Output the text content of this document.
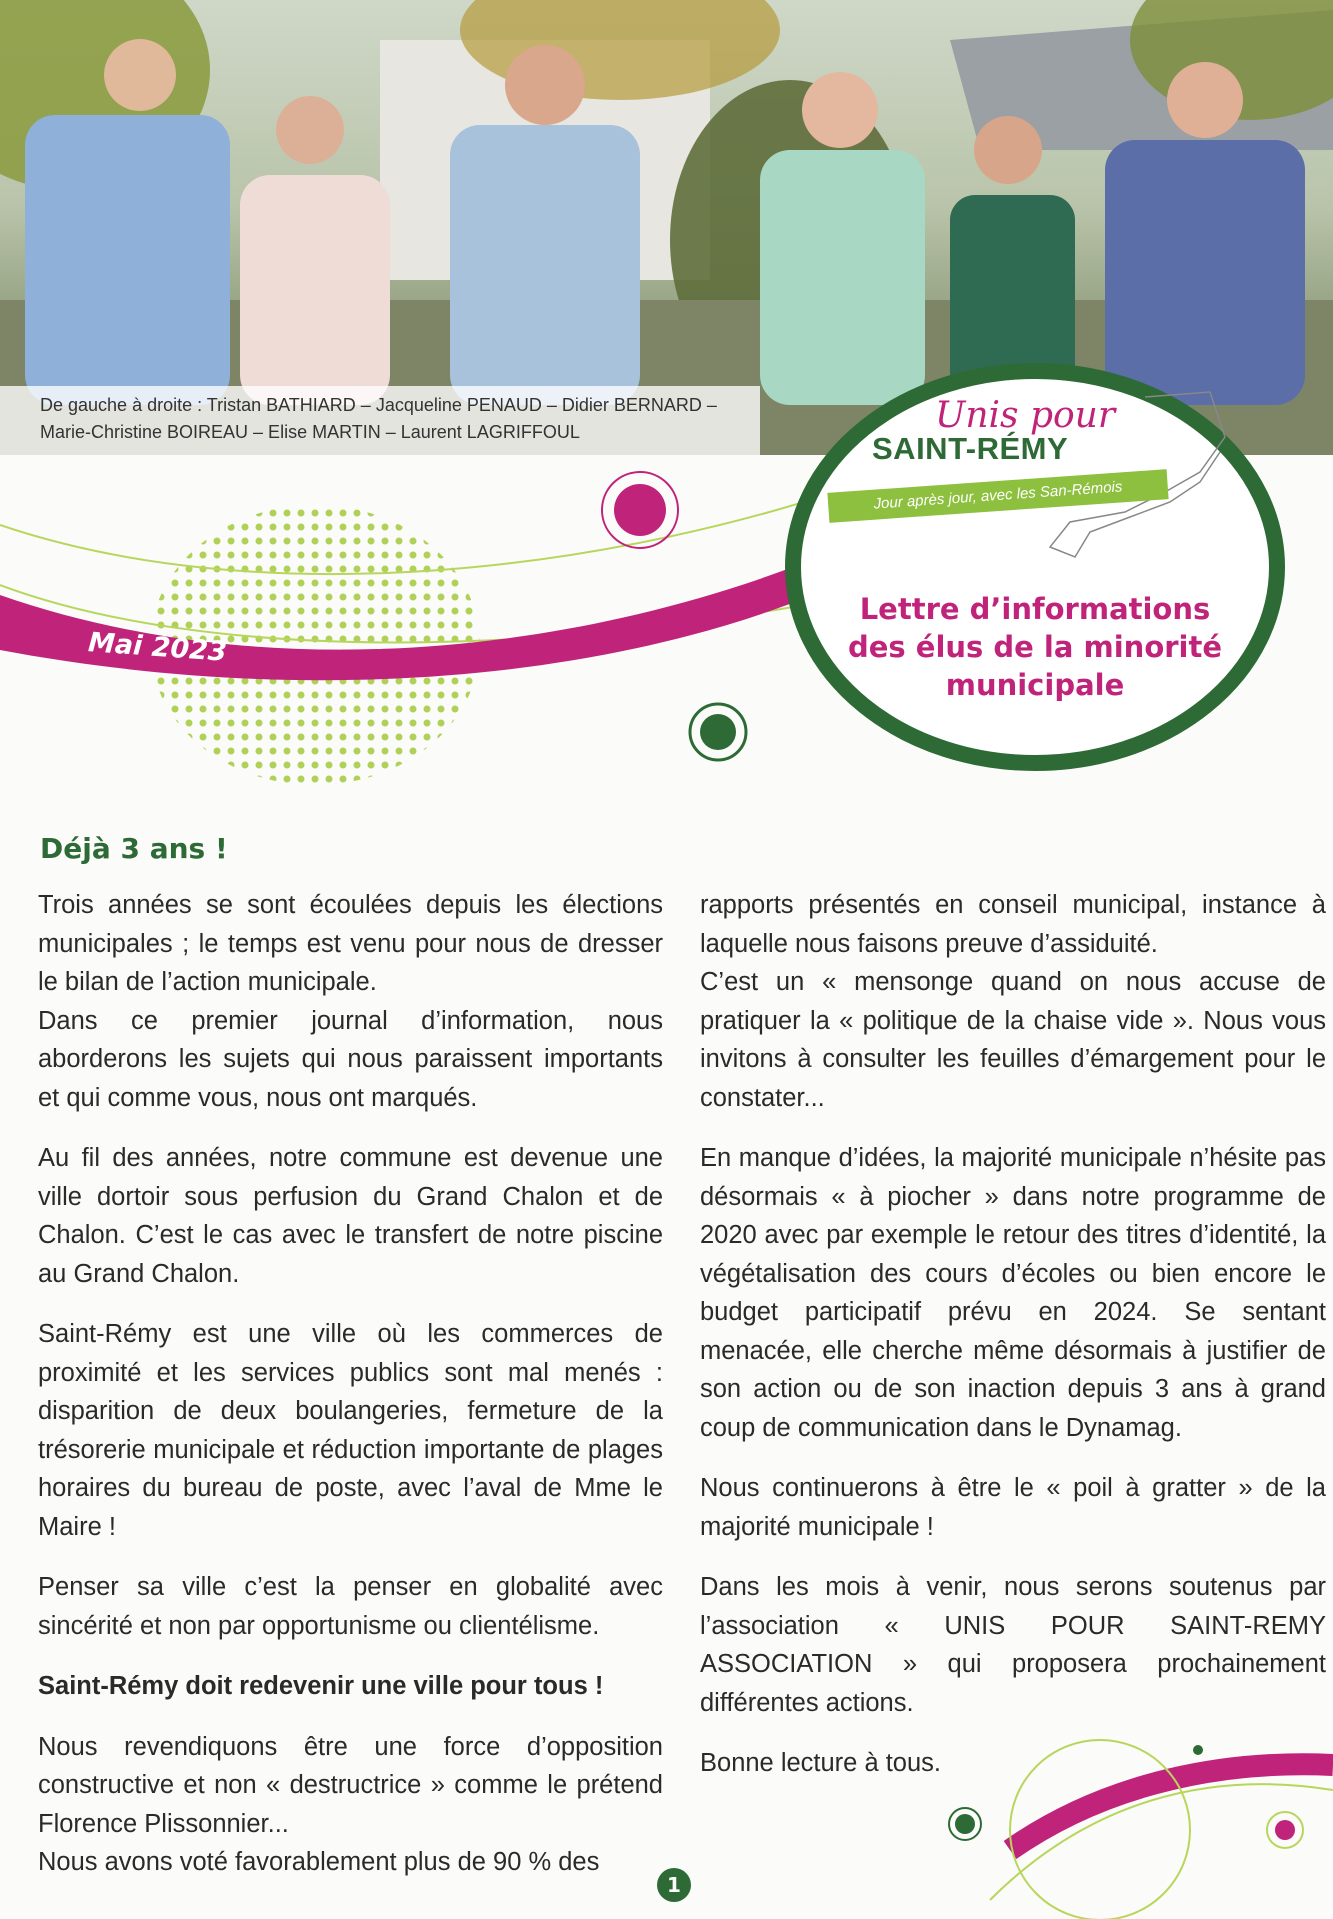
De gauche à droite : Tristan BATHIARD – Jacqueline PENAUD – Didier BERNARD –
Marie-Christine BOIREAU – Elise MARTIN – Laurent LAGRIFFOUL
Mai 2023
Unis pour
SAINT-RÉMY
Jour après jour, avec les San-Rémois
Lettre d’informations
des élus de la minorité
municipale
Déjà 3 ans !

Trois années se sont écoulées depuis les élections municipales ; le temps est venu pour nous de dresser le bilan de l’action municipale.

Dans ce premier journal d’information, nous aborderons les sujets qui nous paraissent importants et qui comme vous, nous ont marqués.

Au fil des années, notre commune est devenue une ville dortoir sous perfusion du Grand Chalon et de Chalon. C’est le cas avec le transfert de notre piscine au Grand Chalon.

Saint-Rémy est une ville où les commerces de proximité et les services publics sont mal menés : disparition de deux boulangeries, fermeture de la trésorerie municipale et réduction importante de plages horaires du bureau de poste, avec l’aval de Mme le Maire !

Penser sa ville c’est la penser en globalité avec sincérité et non par opportunisme ou clientélisme.

Saint-Rémy doit redevenir une ville pour tous !

Nous revendiquons être une force d’opposition constructive et non « destructrice » comme le prétend Florence Plissonnier...

Nous avons voté favorablement plus de 90 % des

rapports présentés en conseil municipal, instance à laquelle nous faisons preuve d’assiduité.

C’est un « mensonge quand on nous accuse de pratiquer la « politique de la chaise vide ». Nous vous invitons à consulter les feuilles d’émargement pour le constater...

En manque d’idées, la majorité municipale n’hésite pas désormais « à piocher » dans notre programme de 2020 avec par exemple le retour des titres d’identité, la végétalisation des cours d’écoles ou bien encore le budget participatif prévu en 2024. Se sentant menacée, elle cherche même désormais à justifier de son action ou de son inaction depuis 3 ans à grand coup de communication dans le Dynamag.

Nous continuerons à être le « poil à gratter » de la majorité municipale !

Dans les mois à venir, nous serons soutenus par l’association « UNIS POUR SAINT-REMY ASSOCIATION » qui proposera prochainement différentes actions.

Bonne lecture à tous.

1
